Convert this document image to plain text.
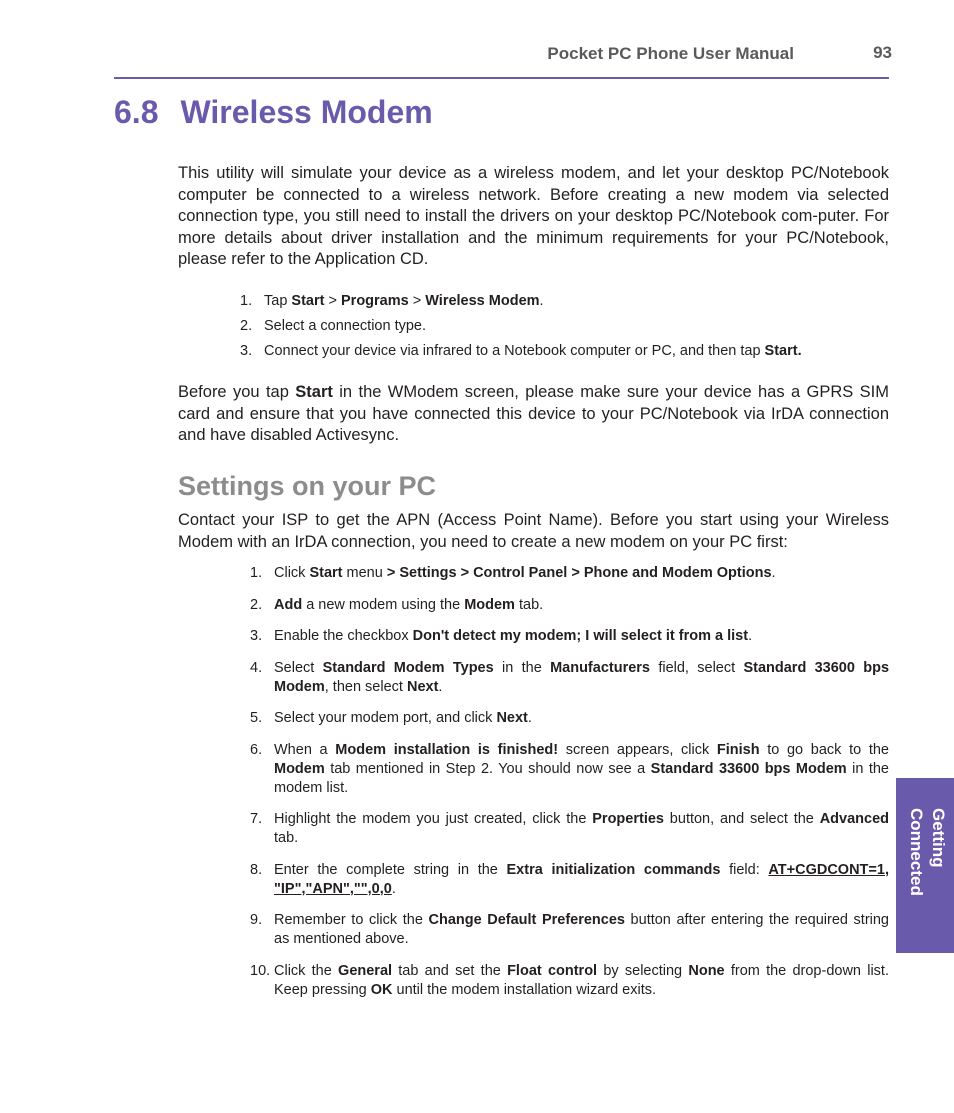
Pocket PC Phone User Manual	93
6.8 Wireless Modem

This utility will simulate your device as a wireless modem, and let your desktop PC/Notebook computer be connected to a wireless network. Before creating a new modem via selected connection type, you still need to install the drivers on your desktop PC/Notebook com-puter. For more details about driver installation and the minimum requirements for your PC/Notebook, please refer to the Application CD.

1. Tap Start > Programs > Wireless Modem.
2. Select a connection type.
3. Connect your device via infrared to a Notebook computer or PC, and then tap Start.

Before you tap Start in the WModem screen, please make sure your device has a GPRS SIM card and ensure that you have connected this device to your PC/Notebook via IrDA connection and have disabled Activesync.

Settings on your PC

Contact your ISP to get the APN (Access Point Name). Before you start using your Wireless Modem with an IrDA connection, you need to create a new modem on your PC first:

1. Click Start menu > Settings > Control Panel > Phone and Modem Options.
2. Add a new modem using the Modem tab.
3. Enable the checkbox Don't detect my modem; I will select it from a list.
4. Select Standard Modem Types in the Manufacturers field, select Standard 33600 bps Modem, then select Next.
5. Select your modem port, and click Next.
6. When a Modem installation is finished! screen appears, click Finish to go back to the Modem tab mentioned in Step 2. You should now see a Standard 33600 bps Modem in the modem list.
7. Highlight the modem you just created, click the Properties button, and select the Advanced tab.
8. Enter the complete string in the Extra initialization commands field: AT+CGDCONT=1, "IP","APN","",0,0.
9. Remember to click the Change Default Preferences button after entering the required string as mentioned above.
10. Click the General tab and set the Float control by selecting None from the drop-down list. Keep pressing OK until the modem installation wizard exits.
Getting
Connected
